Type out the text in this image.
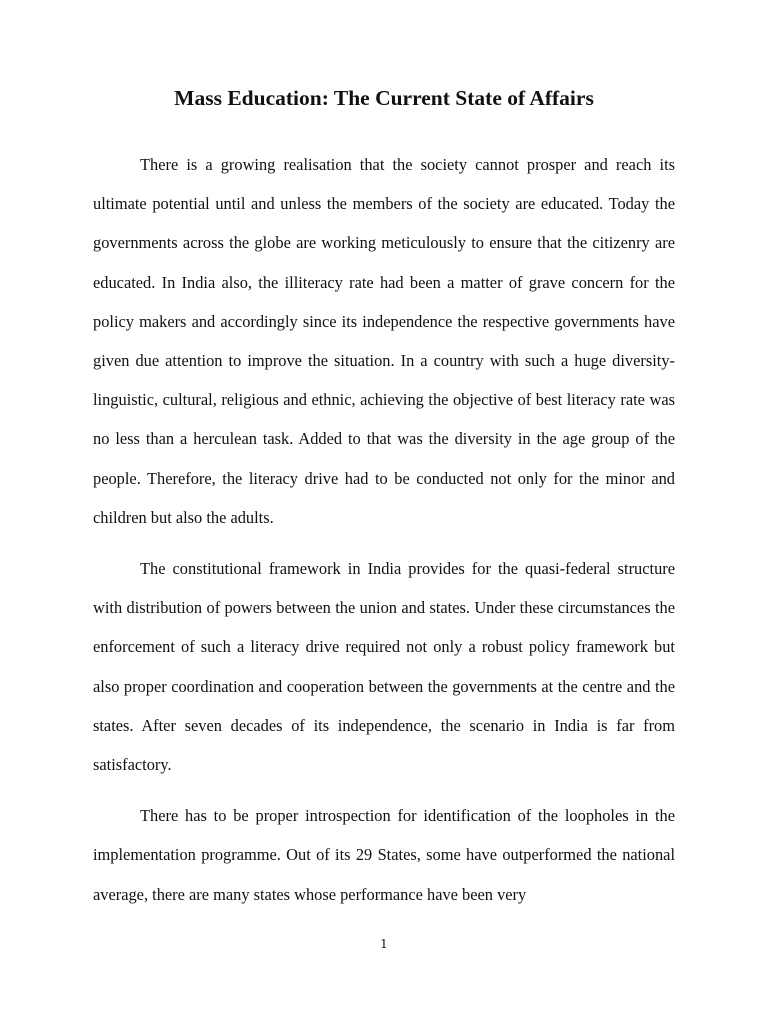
Mass Education: The Current State of Affairs

There is a growing realisation that the society cannot prosper and reach its ultimate potential until and unless the members of the society are educated. Today the governments across the globe are working meticulously to ensure that the citizenry are educated. In India also, the illiteracy rate had been a matter of grave concern for the policy makers and accordingly since its independence the respective governments have given due attention to improve the situation. In a country with such a huge diversity- linguistic, cultural, religious and ethnic, achieving the objective of best literacy rate was no less than a herculean task. Added to that was the diversity in the age group of the people. Therefore, the literacy drive had to be conducted not only for the minor and children but also the adults.

The constitutional framework in India provides for the quasi-federal structure with distribution of powers between the union and states. Under these circumstances the enforcement of such a literacy drive required not only a robust policy framework but also proper coordination and cooperation between the governments at the centre and the states. After seven decades of its independence, the scenario in India is far from satisfactory.

There has to be proper introspection for identification of the loopholes in the implementation programme. Out of its 29 States, some have outperformed the national average, there are many states whose performance have been very

1
